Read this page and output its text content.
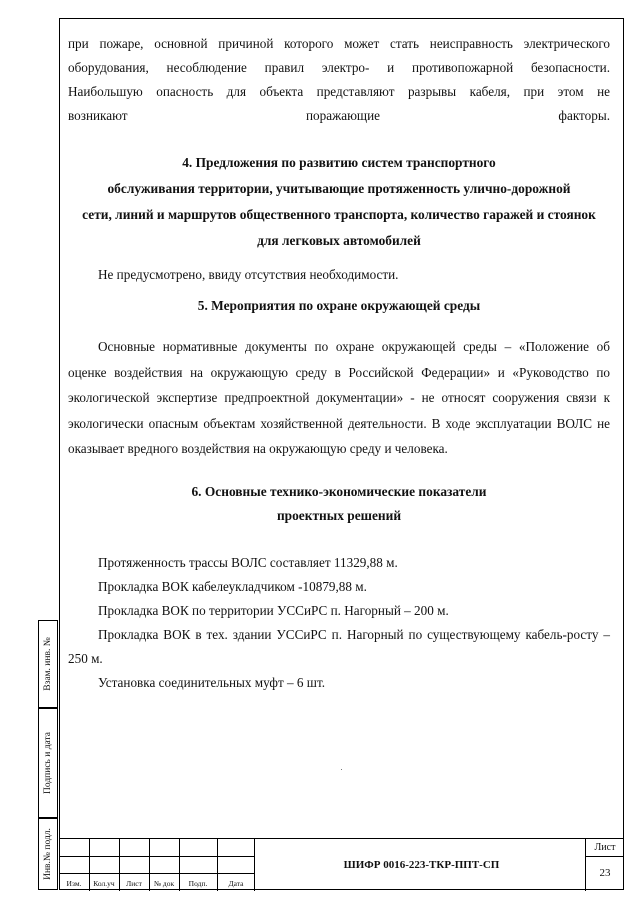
при пожаре, основной причиной которого может стать неисправность электрического

оборудования, несоблюдение правил электро- и противопожарной безопасности.

Наибольшую опасность для объекта представляют разрывы кабеля, при этом не

возникают поражающие факторы.

4. Предложения по развитию систем транспортного
обслуживания территории, учитывающие протяженность улично-дорожной
сети, линий и маршрутов общественного транспорта, количество гаражей и стоянок
для легковых автомобилей
Не предусмотрено, ввиду отсутствия необходимости.
5. Мероприятия по охране окружающей среды

Основные нормативные документы по охране окружающей среды – «Положение об оценке воздействия на окружающую среду в Российской Федерации» и «Руководство по экологической экспертизе предпроектной документации» - не относят сооружения связи к экологически опасным объектам хозяйственной деятельности. В ходе эксплуатации ВОЛС не оказывает вредного воздействия на окружающую среду и человека.

6. Основные технико-экономические показатели
проектных решений

Протяженность трассы ВОЛС составляет 11329,88 м.

Прокладка ВОК кабелеукладчиком -10879,88 м.

Прокладка ВОК по территории УССиРС п. Нагорный – 200 м.

Прокладка ВОК в тех. здании УССиРС п. Нагорный по существующему кабель-росту – 250 м.

Установка соединительных муфт – 6 шт.

Взам. инв. №
Подпись и дата
Инв.№ подл.
Изм.	Кол.уч	Лист	№ док	Подп.	Дата
ШИФР 0016-223-ТКР-ППТ-СП
Лист
23
